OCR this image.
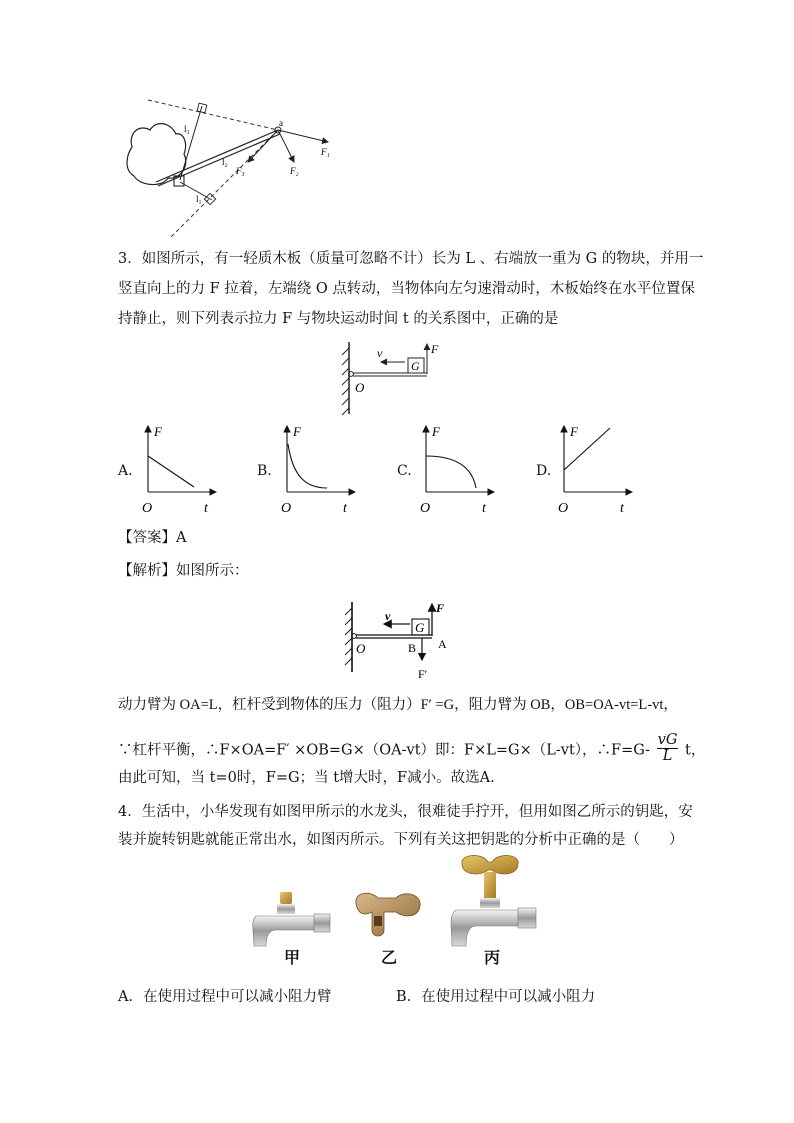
l₃
l₂
l₁
a
F₁
F₂
F₃
3．如图所示，有一轻质木板（质量可忽略不计）长为 L 、右端放一重为 G 的物块，并用一
竖直向上的力 F 拉着，左端绕 O 点转动，当物体向左匀速滑动时，木板始终在水平位置保
持静止，则下列表示拉力 F 与物块运动时间 t 的关系图中，正确的是
v
G
F
O
A.	B.	C.	D.
F
t
O
F
t
O
F
t
O
F
t
O
【答案】A
【解析】如图所示：
v
G
F
O	B A
F′
动力臂为 OA=L，杠杆受到物体的压力（阻力）F′ =G，阻力臂为 OB，OB=OA-vt=L-vt，
∵杠杆平衡，∴F×OA=F′ ×OB=G×（OA-vt）即：F×L=G×（L-vt），∴F=G- $\frac{vG}{L}$ t，
由此可知，当 t=0时，F=G；当 t增大时，F减小。故选A.
4．生活中，小华发现有如图甲所示的水龙头，很难徒手拧开，但用如图乙所示的钥匙，安
装并旋转钥匙就能正常出水，如图丙所示。下列有关这把钥匙的分析中正确的是（　　）
甲	乙	丙
A．在使用过程中可以减小阻力臂	B．在使用过程中可以减小阻力
